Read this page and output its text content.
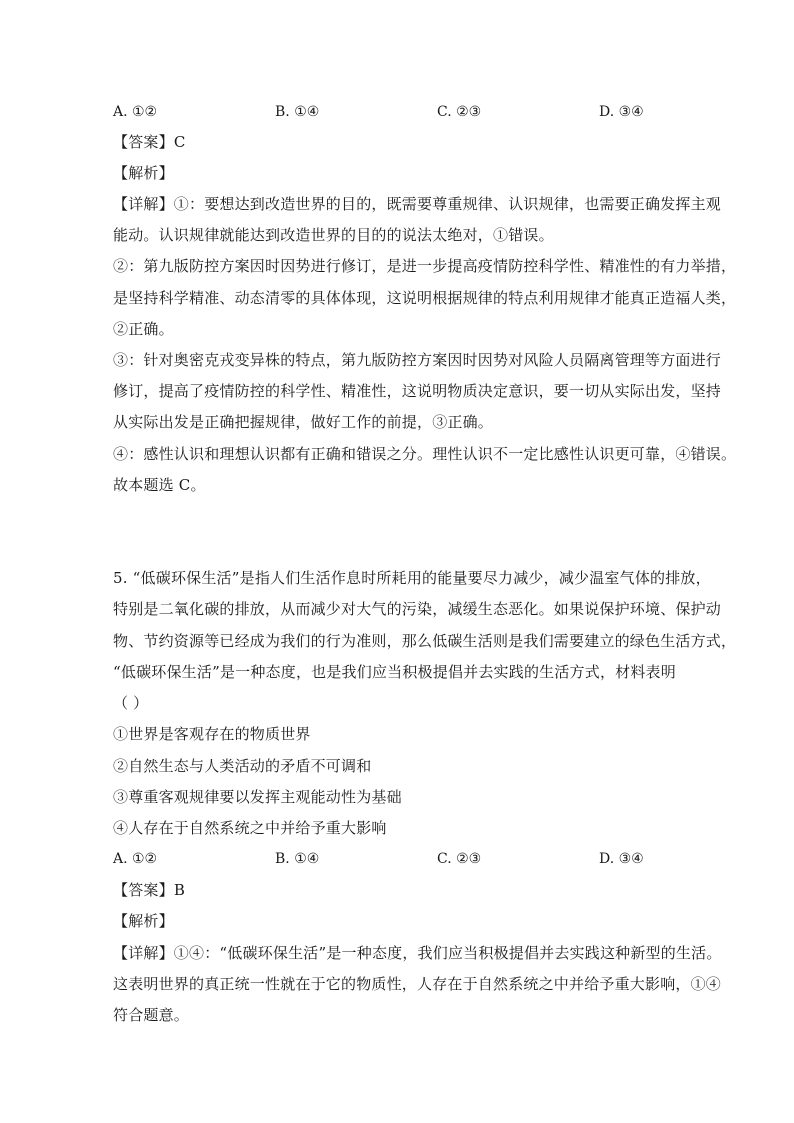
A. ①②	B. ①④	C. ②③	D. ③④
【答案】C
【解析】
【详解】①：要想达到改造世界的目的，既需要尊重规律、认识规律，也需要正确发挥主观
能动。认识规律就能达到改造世界的目的的说法太绝对，①错误。
②：第九版防控方案因时因势进行修订，是进一步提高疫情防控科学性、精准性的有力举措，
是坚持科学精准、动态清零的具体体现，这说明根据规律的特点利用规律才能真正造福人类，
②正确。
③：针对奥密克戎变异株的特点，第九版防控方案因时因势对风险人员隔离管理等方面进行
修订，提高了疫情防控的科学性、精准性，这说明物质决定意识，要一切从实际出发，坚持
从实际出发是正确把握规律，做好工作的前提，③正确。
④：感性认识和理想认识都有正确和错误之分。理性认识不一定比感性认识更可靠，④错误。
故本题选 C。
5. “低碳环保生活”是指人们生活作息时所耗用的能量要尽力减少，减少温室气体的排放，
特别是二氧化碳的排放，从而减少对大气的污染，减缓生态恶化。如果说保护环境、保护动
物、节约资源等已经成为我们的行为准则，那么低碳生活则是我们需要建立的绿色生活方式，
“低碳环保生活”是一种态度，也是我们应当积极提倡并去实践的生活方式，材料表明
（ ）
①世界是客观存在的物质世界
②自然生态与人类活动的矛盾不可调和
③尊重客观规律要以发挥主观能动性为基础
④人存在于自然系统之中并给予重大影响
A. ①②	B. ①④	C. ②③	D. ③④
【答案】B
【解析】
【详解】①④：“低碳环保生活”是一种态度，我们应当积极提倡并去实践这种新型的生活。
这表明世界的真正统一性就在于它的物质性，人存在于自然系统之中并给予重大影响，①④
符合题意。
